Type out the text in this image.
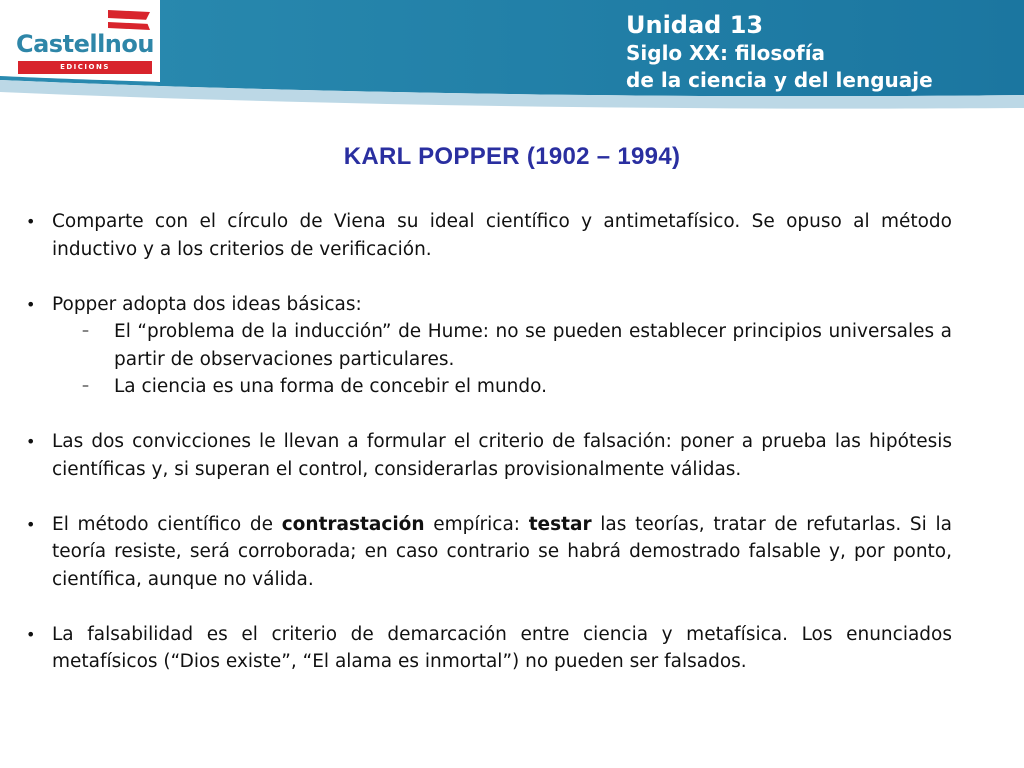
Castellnou
EDICIONS
Unidad 13
Siglo XX: filosofía
de la ciencia y del lenguaje
KARL POPPER (1902 – 1994)
• Comparte con el círculo de Viena su ideal científico y antimetafísico. Se opuso al método inductivo y a los criterios de verificación.
• Popper adopta dos ideas básicas:
– El “problema de la inducción” de Hume: no se pueden establecer principios universales a partir de observaciones particulares.
– La ciencia es una forma de concebir el mundo.
• Las dos convicciones le llevan a formular el criterio de falsación: poner a prueba las hipótesis científicas y, si superan el control, considerarlas provisionalmente válidas.
• El método científico de contrastación empírica: testar las teorías, tratar de refutarlas. Si la teoría resiste, será corroborada; en caso contrario se habrá demostrado falsable y, por ponto, científica, aunque no válida.
• La falsabilidad es el criterio de demarcación entre ciencia y metafísica. Los enunciados metafísicos (“Dios existe”, “El alama es inmortal”) no pueden ser falsados.
